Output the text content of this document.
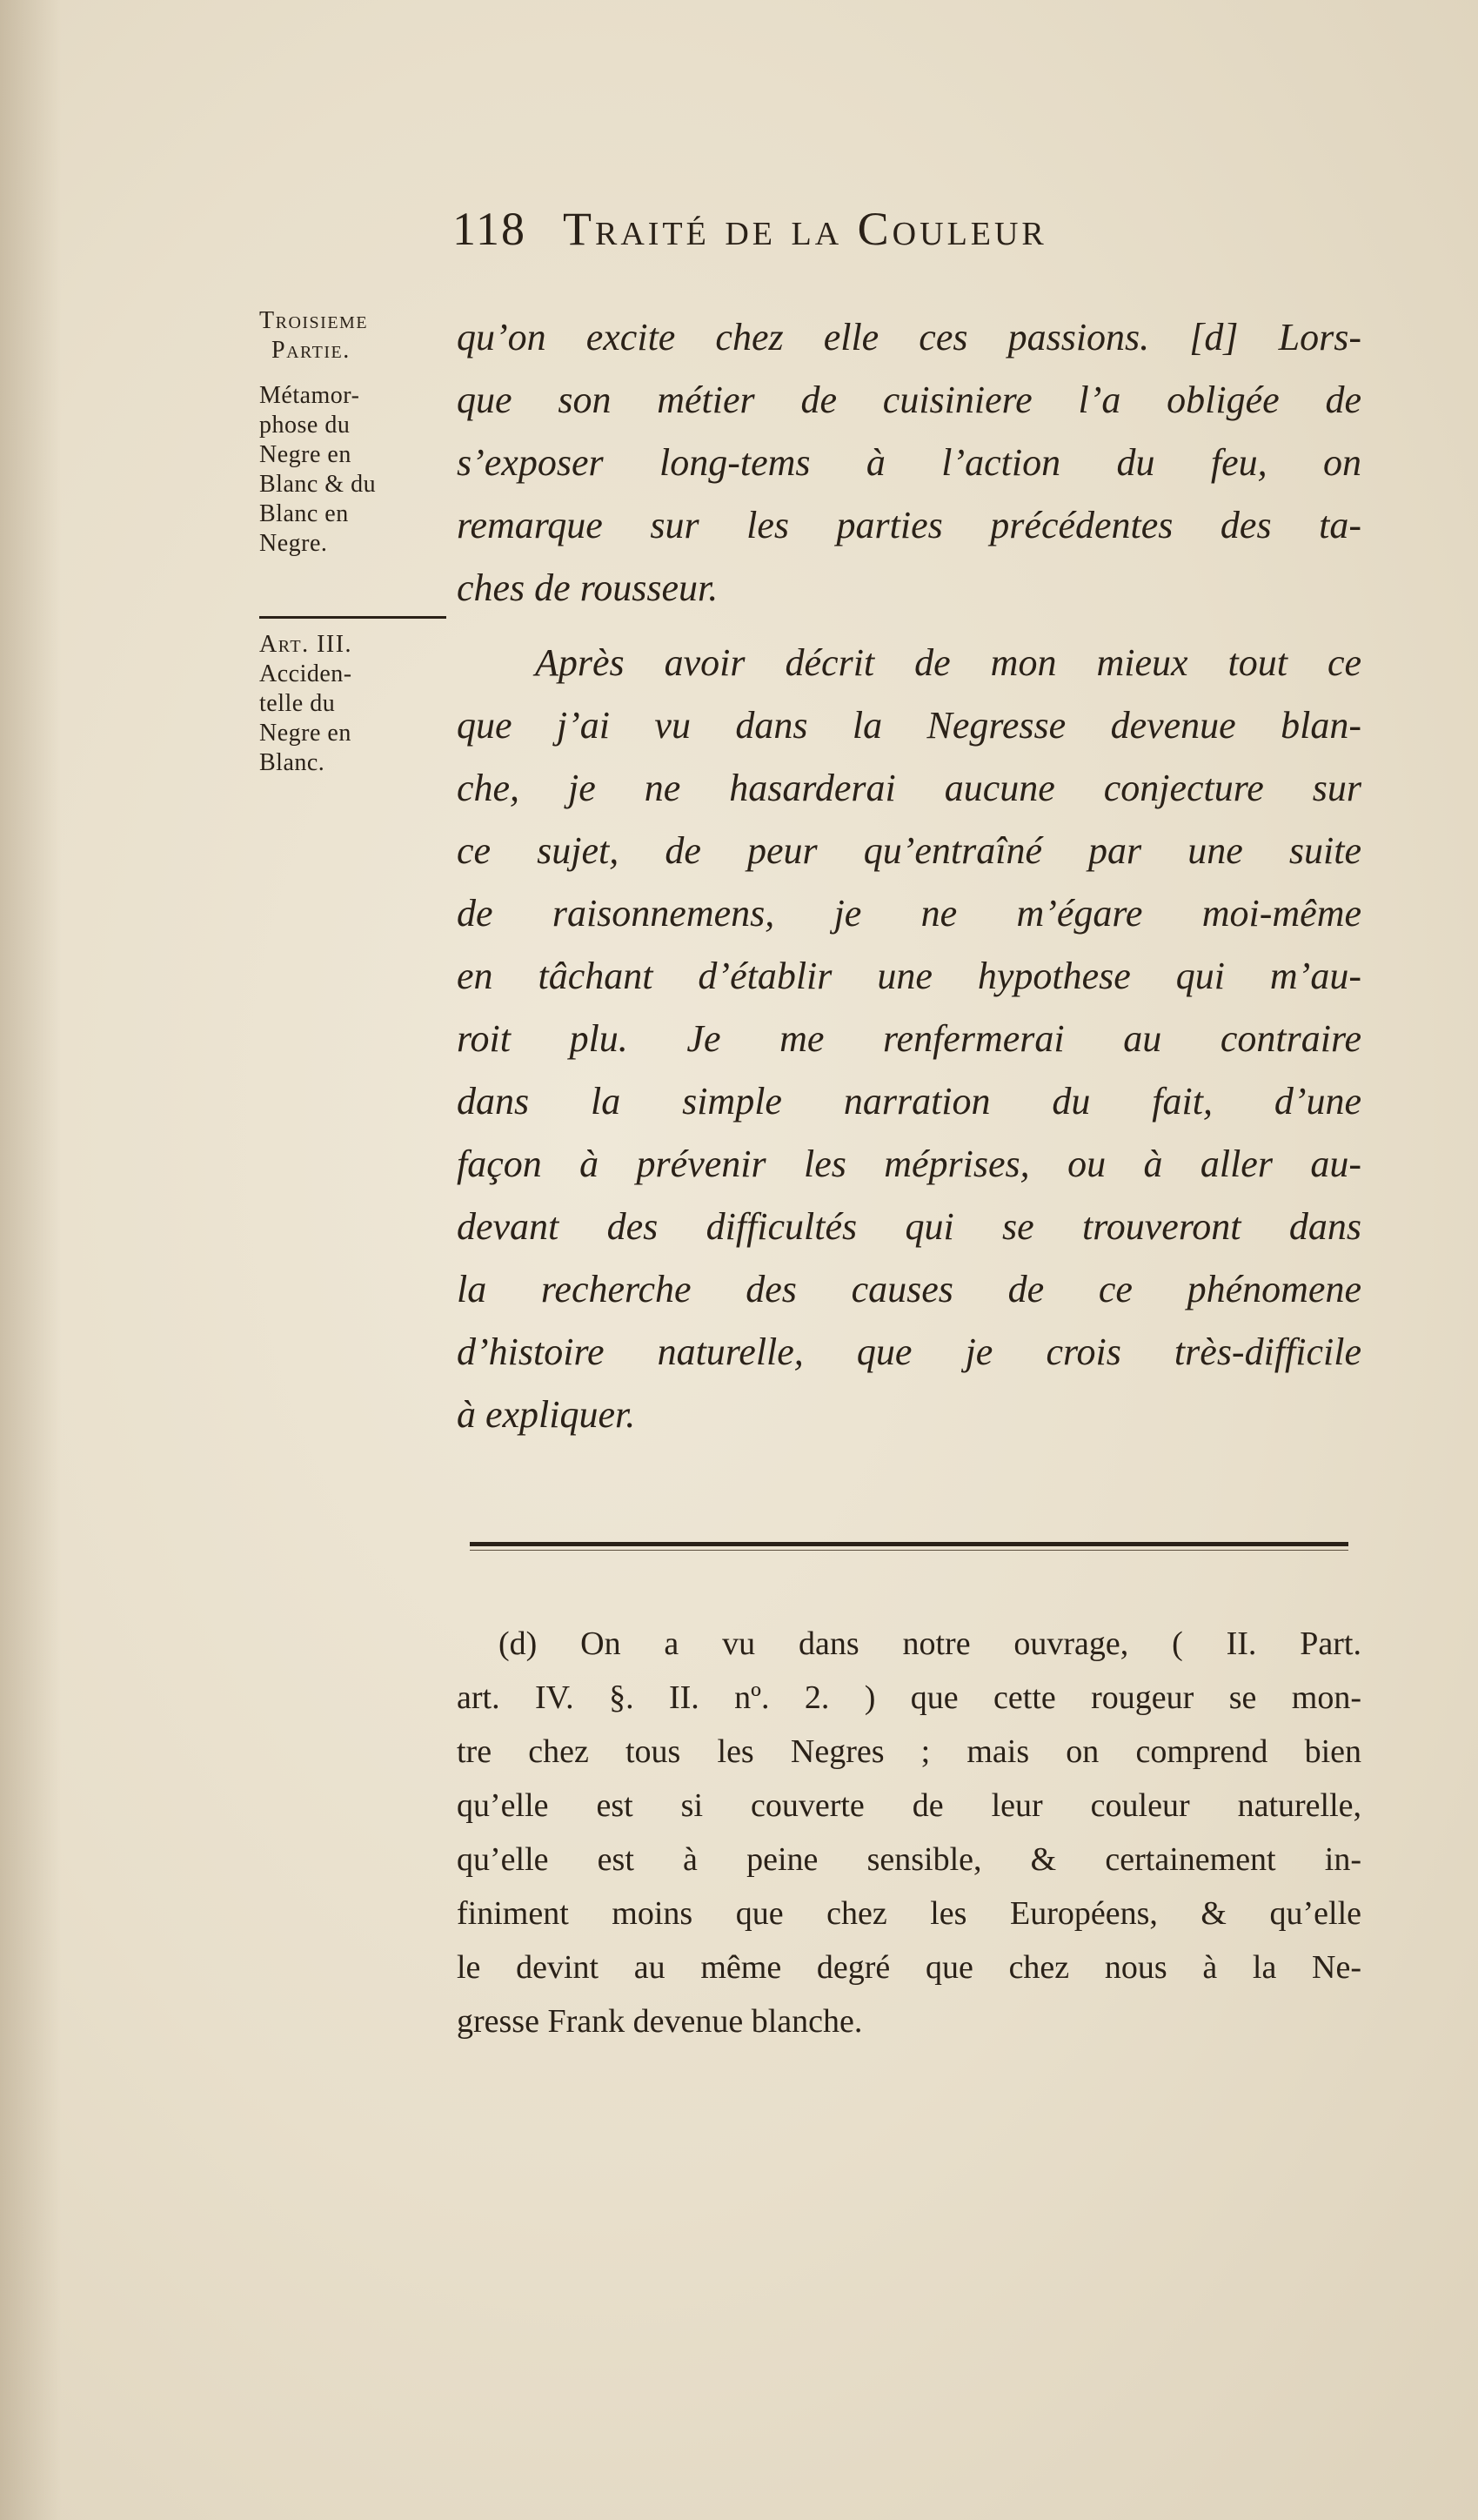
118 Traité de la Couleur

Troisieme
Partie.

Métamor-
phose du
Negre en
Blanc & du
Blanc en
Negre.

Art. III.
Acciden-
telle du
Negre en
Blanc.

qu’on excite chez elle ces passions. [d] Lors-
que son métier de cuisiniere l’a obligée de
s’exposer long-tems à l’action du feu, on
remarque sur les parties précédentes des ta-
ches de rousseur.
Après avoir décrit de mon mieux tout ce
que j’ai vu dans la Negresse devenue blan-
che, je ne hasarderai aucune conjecture sur
ce sujet, de peur qu’entraîné par une suite
de raisonnemens, je ne m’égare moi-même
en tâchant d’établir une hypothese qui m’au-
roit plu. Je me renfermerai au contraire
dans la simple narration du fait, d’une
façon à prévenir les méprises, ou à aller au-
devant des difficultés qui se trouveront dans
la recherche des causes de ce phénomene
d’histoire naturelle, que je crois très-difficile
à expliquer.

(d) On a vu dans notre ouvrage, ( II. Part.
art. IV. §. II. nº. 2. ) que cette rougeur se mon-
tre chez tous les Negres ; mais on comprend bien
qu’elle est si couverte de leur couleur naturelle,
qu’elle est à peine sensible, & certainement in-
finiment moins que chez les Européens, & qu’elle
le devint au même degré que chez nous à la Ne-
gresse Frank devenue blanche.
